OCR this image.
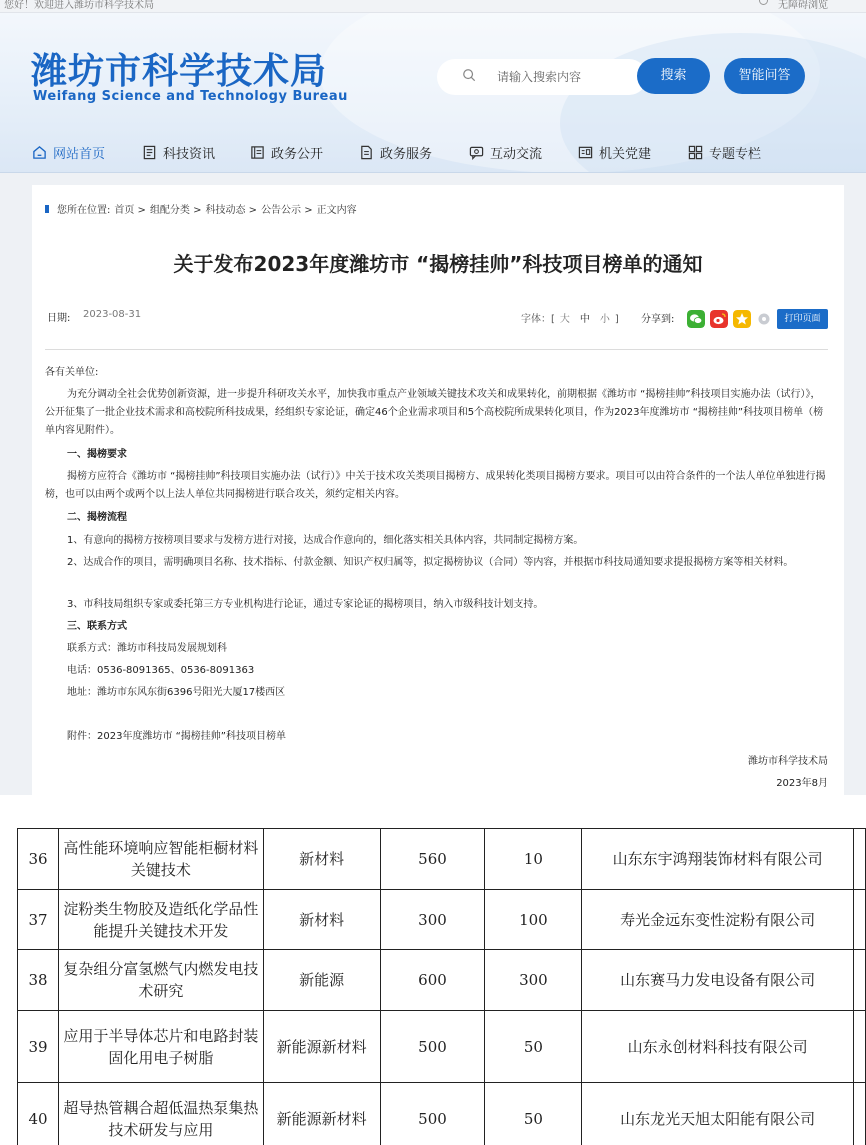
您好！欢迎进入潍坊市科学技术局	无障碍浏览
潍坊市科学技术局
Weifang Science and Technology Bureau
请输入搜索内容
搜索	智能问答
网站首页	科技资讯	政务公开	政务服务	互动交流	机关党建	专题专栏
您所在位置: 首页 > 组配分类 > 科技动态 > 公告公示 > 正文内容
关于发布2023年度潍坊市 “揭榜挂帅”科技项目榜单的通知
日期: 2023-08-31	字体：[ 大 中 小 ] 分享到:	打印页面
各有关单位:
为充分调动全社会优势创新资源，进一步提升科研攻关水平，加快我市重点产业领域关键技术攻关和成果转化，前期根据《潍坊市 “揭榜挂帅”科技项目实施办法（试行）》，公开征集了一批企业技术需求和高校院所科技成果，经组织专家论证，确定46个企业需求项目和5个高校院所成果转化项目，作为2023年度潍坊市 “揭榜挂帅”科技项目榜单（榜单内容见附件）。
一、揭榜要求
揭榜方应符合《潍坊市 “揭榜挂帅”科技项目实施办法（试行）》中关于技术攻关类项目揭榜方、成果转化类项目揭榜方要求。项目可以由符合条件的一个法人单位单独进行揭榜，也可以由两个或两个以上法人单位共同揭榜进行联合攻关，须约定相关内容。
二、揭榜流程
1、有意向的揭榜方按榜项目要求与发榜方进行对接，达成合作意向的，细化落实相关具体内容，共同制定揭榜方案。
2、达成合作的项目，需明确项目名称、技术指标、付款金额、知识产权归属等，拟定揭榜协议（合同）等内容，并根据市科技局通知要求提报揭榜方案等相关材料。
3、市科技局组织专家或委托第三方专业机构进行论证，通过专家论证的揭榜项目，纳入市级科技计划支持。
三、联系方式
联系方式：潍坊市科技局发展规划科
电话：0536-8091365、0536-8091363
地址：潍坊市东风东街6396号阳光大厦17楼西区
附件：2023年度潍坊市 “揭榜挂帅”科技项目榜单
潍坊市科学技术局
2023年8月
36	高性能环境响应智能柜橱材料关键技术	新材料	560	10	山东东宇鸿翔装饰材料有限公司	
37	淀粉类生物胶及造纸化学品性能提升关键技术开发	新材料	300	100	寿光金远东变性淀粉有限公司	
38	复杂组分富氢燃气内燃发电技术研究	新能源	600	300	山东赛马力发电设备有限公司	
39	应用于半导体芯片和电路封装固化用电子树脂	新能源新材料	500	50	山东永创材料科技有限公司	
40	超导热管耦合超低温热泵集热技术研发与应用	新能源新材料	500	50	山东龙光天旭太阳能有限公司	
